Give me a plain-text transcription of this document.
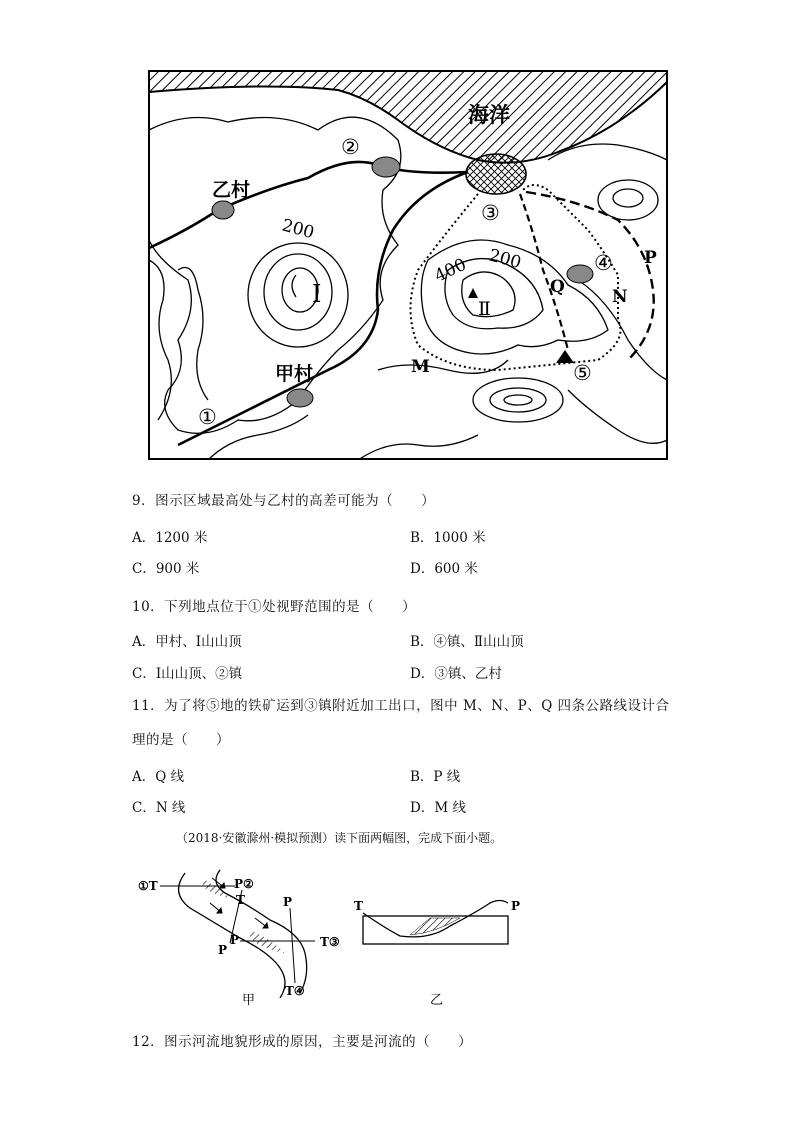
海洋
乙村
甲村
Ⅰ
Ⅱ
200
200
400
②
③
④
⑤
①
M
N
P
Q
9．图示区域最高处与乙村的高差可能为（　　）
A．1200 米	B．1000 米
C．900 米	D．600 米
10．下列地点位于①处视野范围的是（　　）
A．甲村、Ⅰ山山顶	B．④镇、Ⅱ山山顶
C．Ⅰ山山顶、②镇	D．③镇、乙村
11．为了将⑤地的铁矿运到③镇附近加工出口，图中 M、N、P、Q 四条公路线设计合
理的是（　　）
A．Q 线	B．P 线
C．N 线	D．M 线
（2018·安徽滁州·模拟预测）读下面两幅图，完成下面小题。
①T	P②
T	P
P
P
T③
T④
甲
T	P
乙
12．图示河流地貌形成的原因，主要是河流的（　　）
